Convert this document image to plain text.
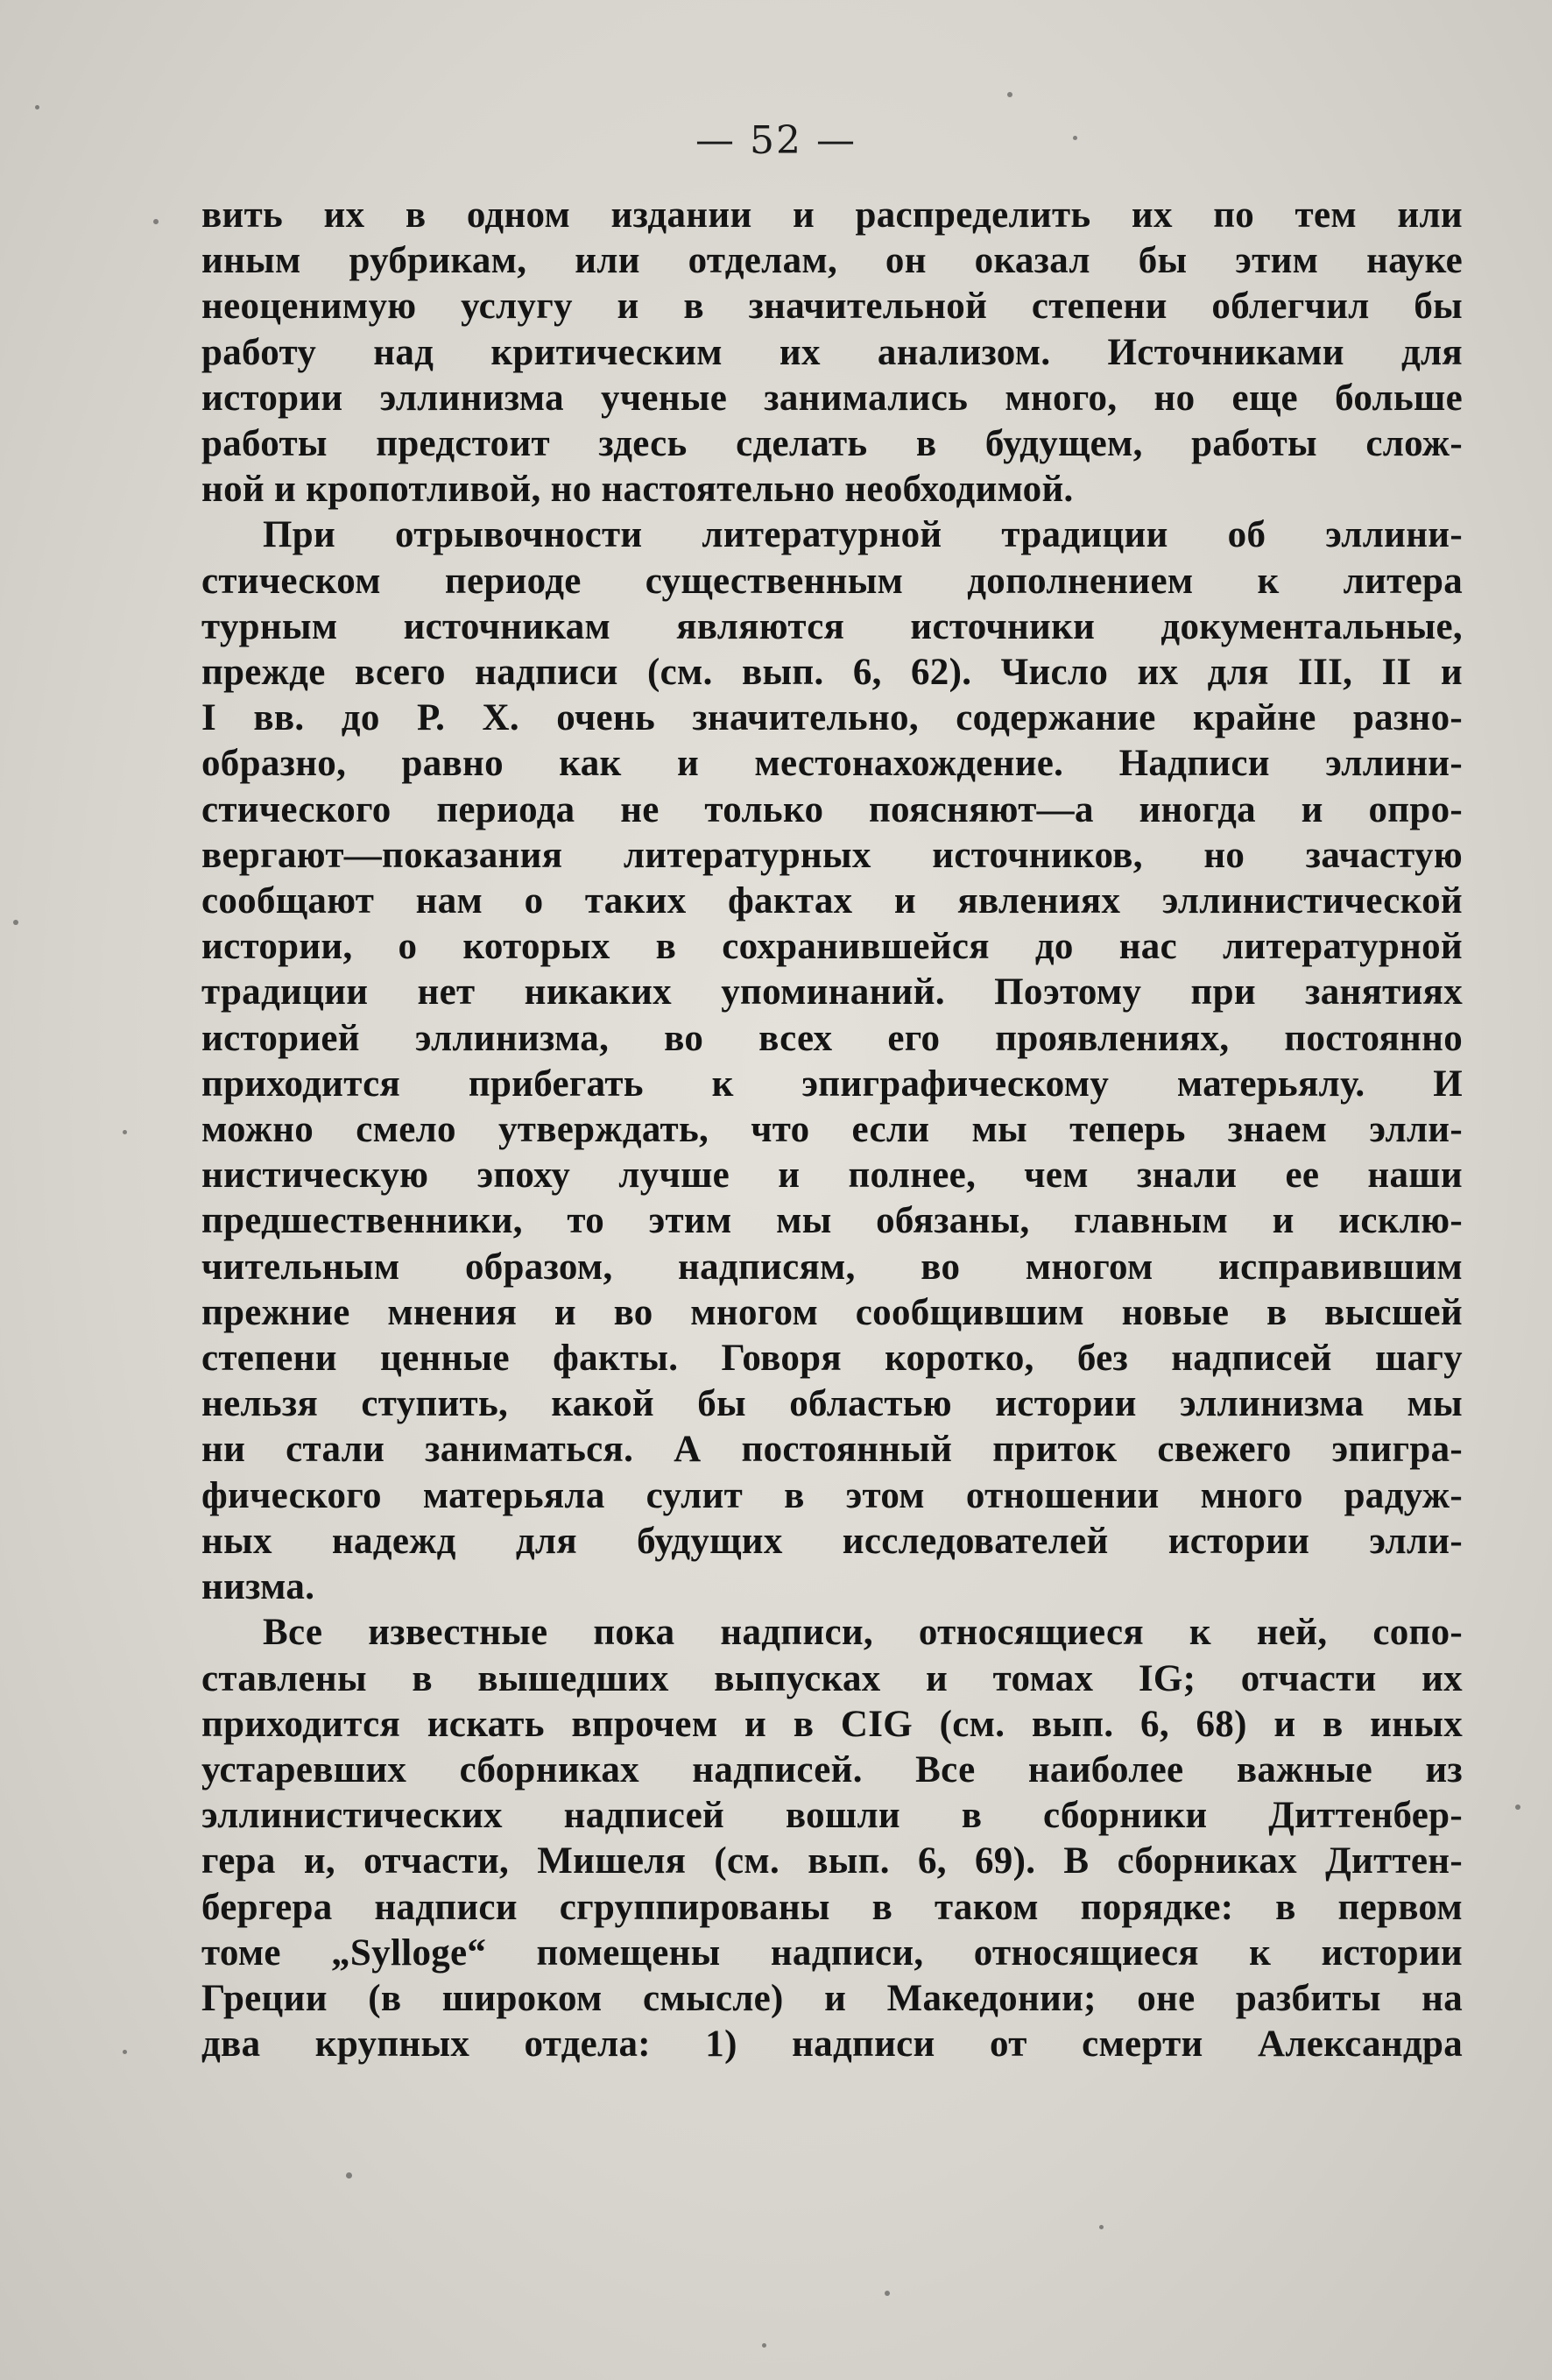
— 52 —
вить их в одном издании и распределить их по тем или
иным рубрикам, или отделам, он оказал бы этим науке
неоценимую услугу и в значительной степени облегчил бы
работу над критическим их анализом. Источниками для
истории эллинизма ученые занимались много, но еще больше
работы предстоит здесь сделать в будущем, работы слож-
ной и кропотливой, но настоятельно необходимой.
При отрывочности литературной традиции об эллини-
стическом периоде существенным дополнением к литера
турным источникам являются источники документальные,
прежде всего надписи (см. вып. 6, 62). Число их для III, II и
I вв. до Р. Х. очень значительно, содержание крайне разно-
образно, равно как и местонахождение. Надписи эллини-
стического периода не только поясняют—а иногда и опро-
вергают—показания литературных источников, но зачастую
сообщают нам о таких фактах и явлениях эллинистической
истории, о которых в сохранившейся до нас литературной
традиции нет никаких упоминаний. Поэтому при занятиях
историей эллинизма, во всех его проявлениях, постоянно
приходится прибегать к эпиграфическому матерьялу. И
можно смело утверждать, что если мы теперь знаем элли-
нистическую эпоху лучше и полнее, чем знали ее наши
предшественники, то этим мы обязаны, главным и исклю-
чительным образом, надписям, во многом исправившим
прежние мнения и во многом сообщившим новые в высшей
степени ценные факты. Говоря коротко, без надписей шагу
нельзя ступить, какой бы областью истории эллинизма мы
ни стали заниматься. А постоянный приток свежего эпигра-
фического матерьяла сулит в этом отношении много радуж-
ных надежд для будущих исследователей истории элли-
низма.
Все известные пока надписи, относящиеся к ней, сопо-
ставлены в вышедших выпусках и томах IG; отчасти их
приходится искать впрочем и в CIG (см. вып. 6, 68) и в иных
устаревших сборниках надписей. Все наиболее важные из
эллинистических надписей вошли в сборники Диттенбер-
гера и, отчасти, Мишеля (см. вып. 6, 69). В сборниках Диттен-
бергера надписи сгруппированы в таком порядке: в первом
томе „Sylloge“ помещены надписи, относящиеся к истории
Греции (в широком смысле) и Македонии; оне разбиты на
два крупных отдела: 1) надписи от смерти Александра
